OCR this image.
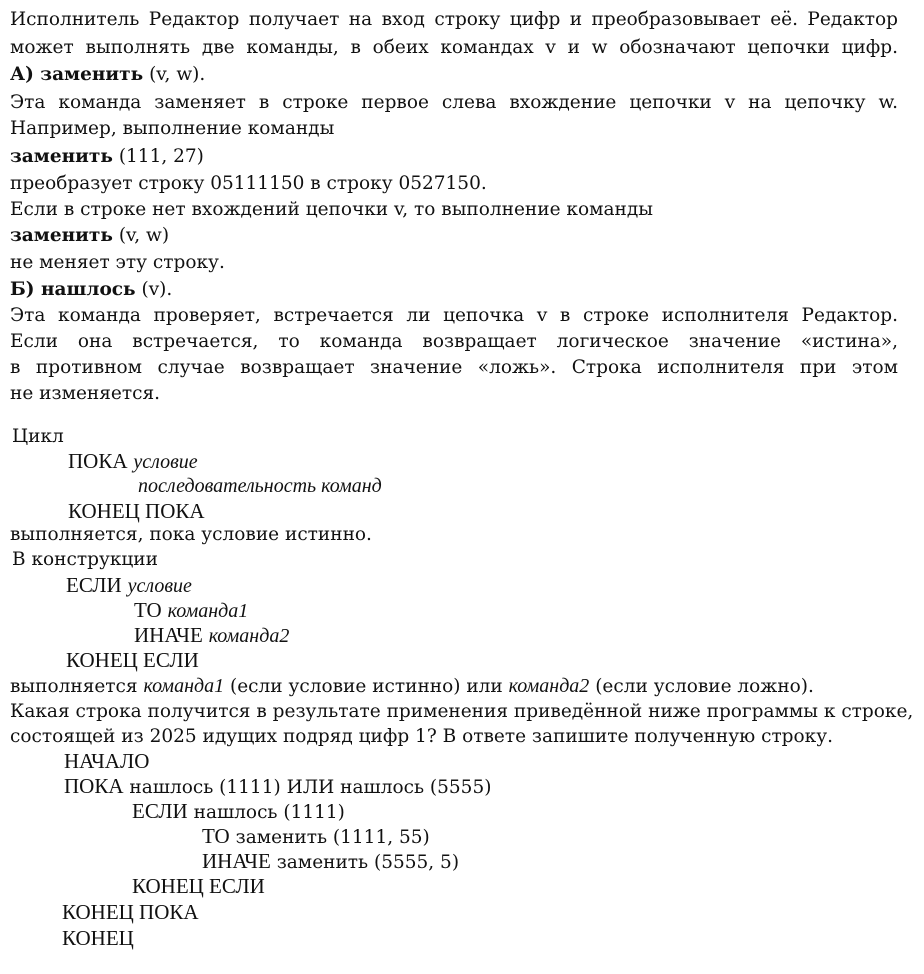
Исполнитель Редактор получает на вход строку цифр и преобразовывает её. Редактор
может выполнять две команды, в обеих командах v и w обозначают цепочки цифр.
А) заменить (v, w).
Эта команда заменяет в строке первое слева вхождение цепочки v на цепочку w.
Например, выполнение команды
заменить (111, 27)
преобразует строку 05111150 в строку 0527150.
Если в строке нет вхождений цепочки v, то выполнение команды
заменить (v, w)
не меняет эту строку.
Б) нашлось (v).
Эта команда проверяет, встречается ли цепочка v в строке исполнителя Редактор.
Если она встречается, то команда возвращает логическое значение «истина»,
в противном случае возвращает значение «ложь». Строка исполнителя при этом
не изменяется.
Цикл
ПОКА условие
последовательность команд
КОНЕЦ ПОКА
выполняется, пока условие истинно.
В конструкции
ЕСЛИ условие
ТО команда1
ИНАЧЕ команда2
КОНЕЦ ЕСЛИ
выполняется команда1 (если условие истинно) или команда2 (если условие ложно).
Какая строка получится в результате применения приведённой ниже программы к строке,
состоящей из 2025 идущих подряд цифр 1? В ответе запишите полученную строку.
НАЧАЛО
ПОКА нашлось (1111) ИЛИ нашлось (5555)
ЕСЛИ нашлось (1111)
ТО заменить (1111, 55)
ИНАЧЕ заменить (5555, 5)
КОНЕЦ ЕСЛИ
КОНЕЦ ПОКА
КОНЕЦ
